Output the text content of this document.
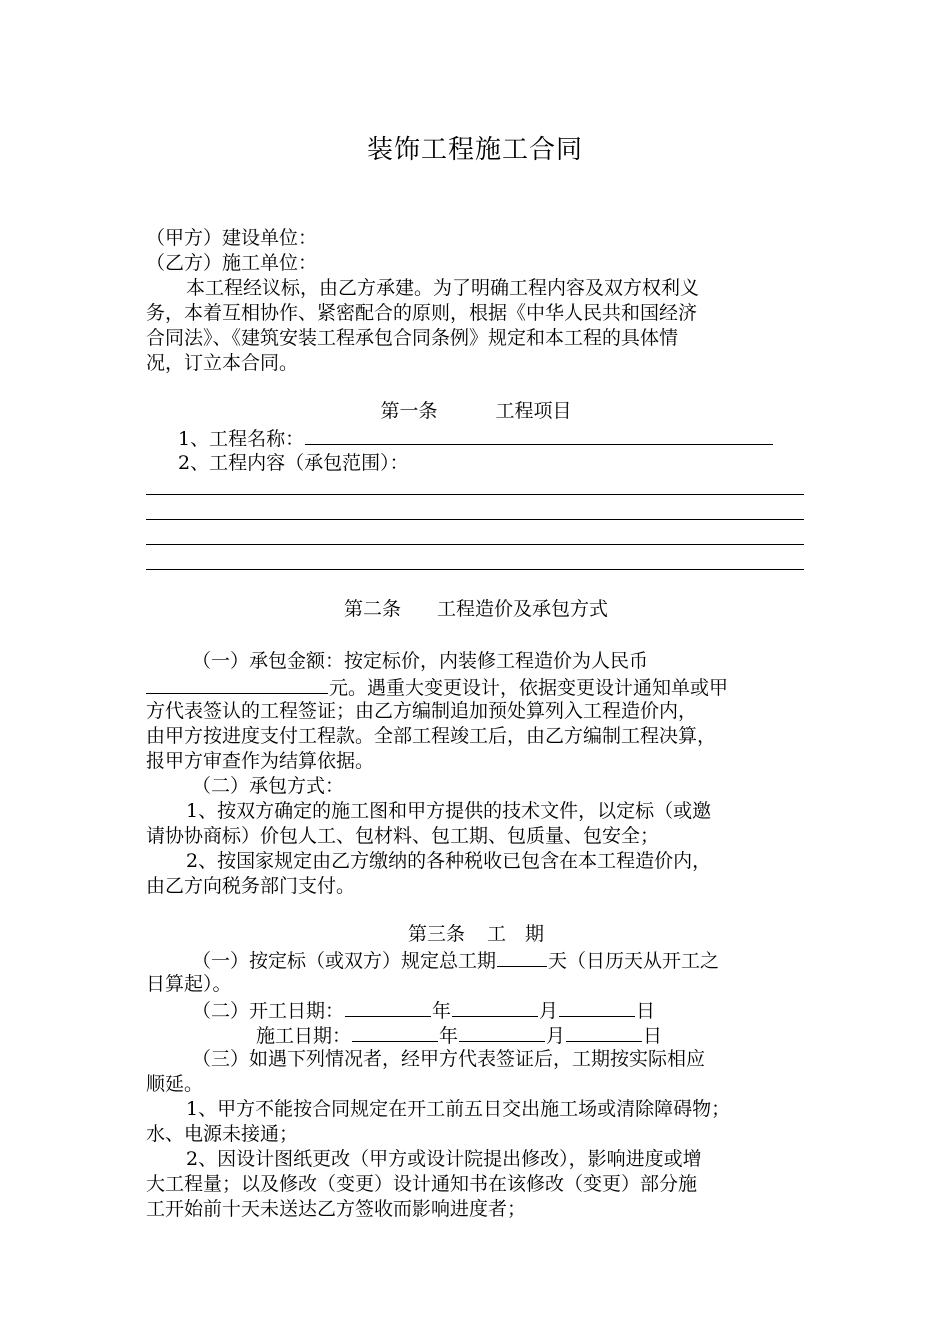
装饰工程施工合同
（甲方）建设单位：
（乙方）施工单位：
本工程经议标，由乙方承建。为了明确工程内容及双方权利义
务，本着互相协作、紧密配合的原则，根据《中华人民共和国经济
合同法》、《建筑安装工程承包合同条例》规定和本工程的具体情
况，订立本合同。
第一条	工程项目
1、工程名称：
2、工程内容（承包范围）：
第二条 工程造价及承包方式
（一）承包金额：按定标价，内装修工程造价为人民币
元。遇重大变更设计，依据变更设计通知单或甲
方代表签认的工程签证；由乙方编制追加预处算列入工程造价内，
由甲方按进度支付工程款。全部工程竣工后，由乙方编制工程决算，
报甲方审查作为结算依据。
（二）承包方式：
1、按双方确定的施工图和甲方提供的技术文件，以定标（或邀
请协协商标）价包人工、包材料、包工期、包质量、包安全；
2、按国家规定由乙方缴纳的各种税收已包含在本工程造价内，
由乙方向税务部门支付。
第三条 工　期
（一）按定标（或双方）规定总工期	天（日历天从开工之
日算起）。
（二）开工日期：	年	月	日
施工日期：	年	月	日
（三）如遇下列情况者，经甲方代表签证后，工期按实际相应
顺延。
1、甲方不能按合同规定在开工前五日交出施工场或清除障碍物；
水、电源未接通；
2、因设计图纸更改（甲方或设计院提出修改），影响进度或增
大工程量；以及修改（变更）设计通知书在该修改（变更）部分施
工开始前十天未送达乙方签收而影响进度者；
